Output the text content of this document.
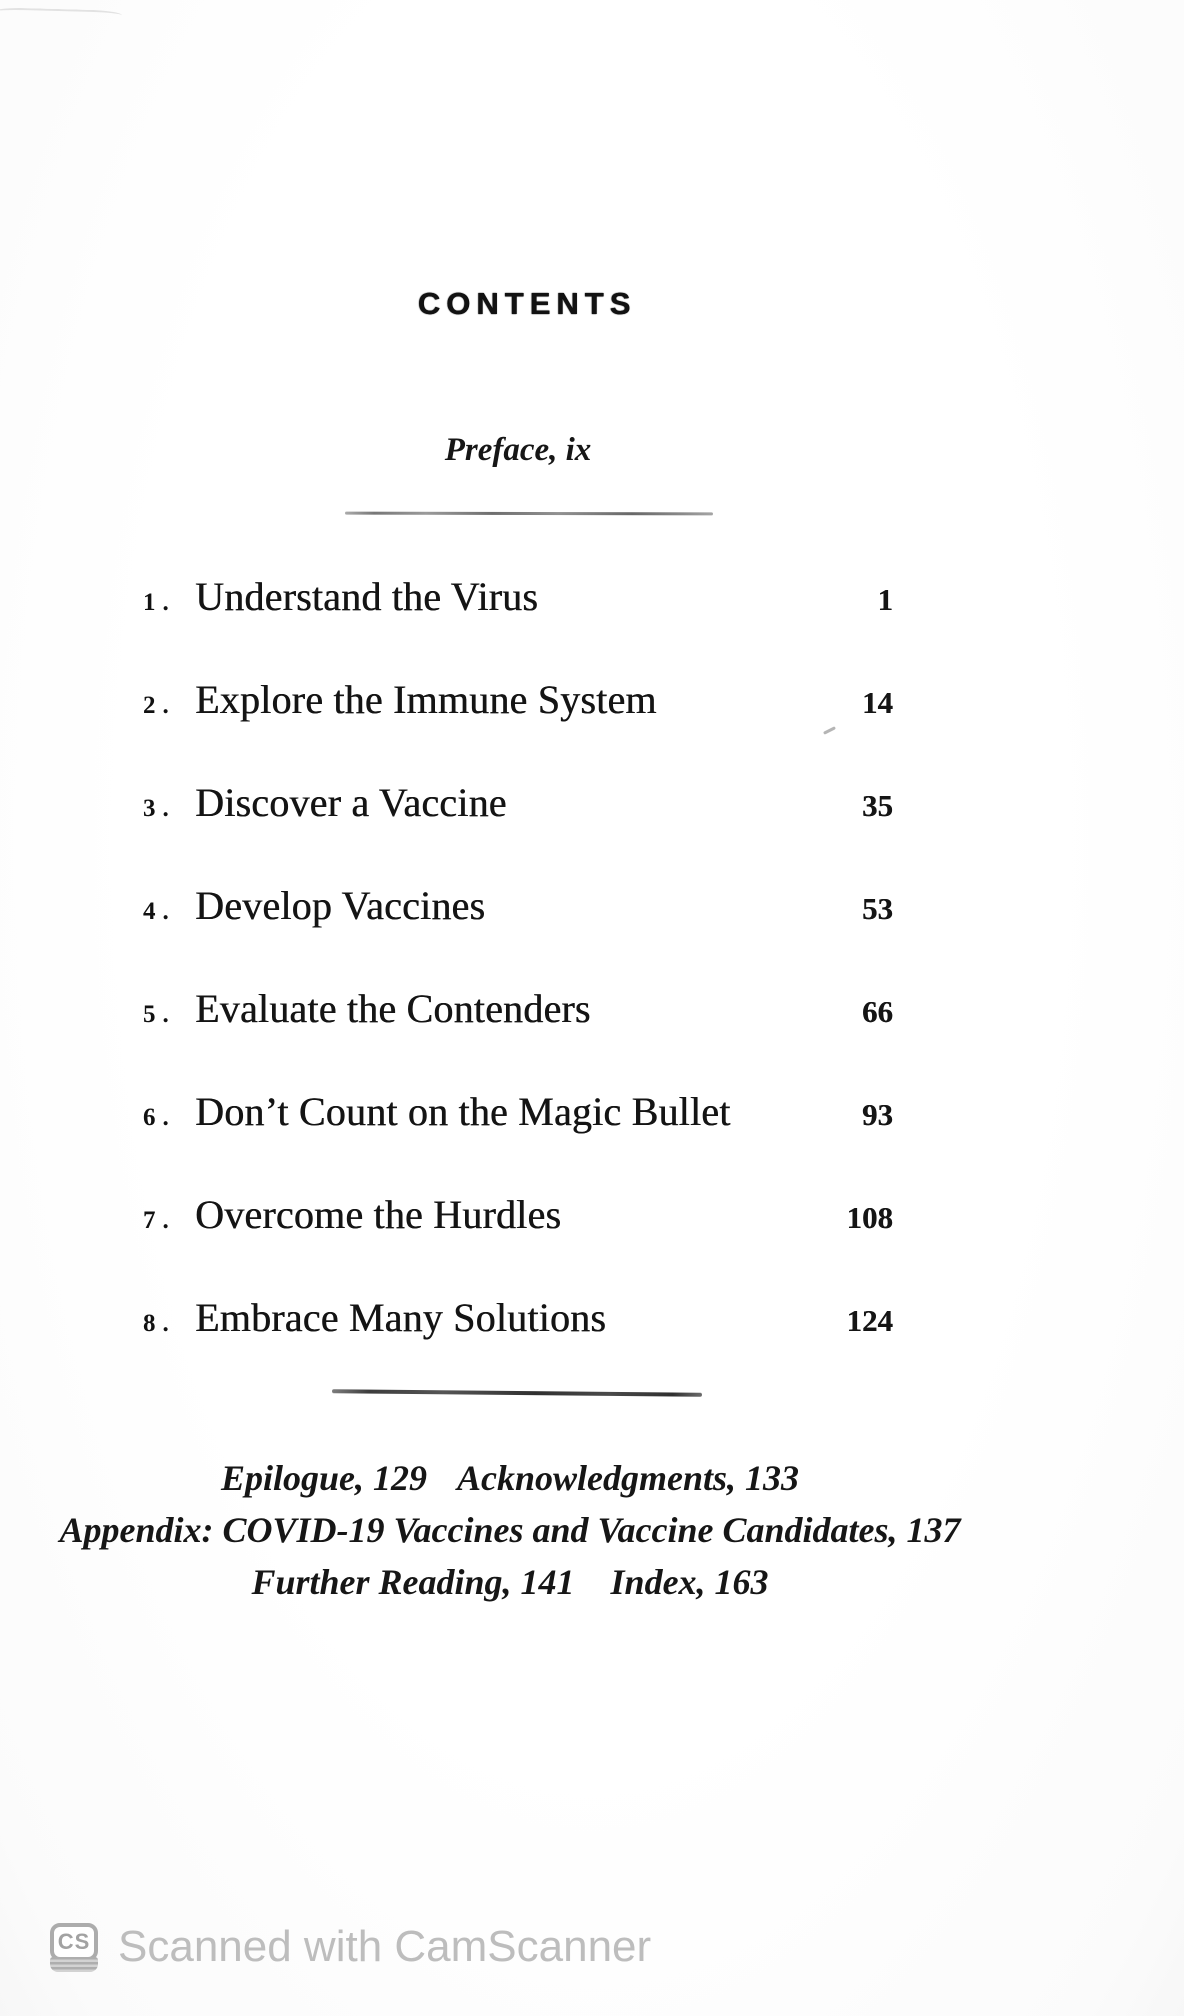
CONTENTS
Preface, ix
1. Understand the Virus	1
2. Explore the Immune System	14
3. Discover a Vaccine	35
4. Develop Vaccines	53
5. Evaluate the Contenders	66
6. Don’t Count on the Magic Bullet	93
7. Overcome the Hurdles	108
8. Embrace Many Solutions	124
Epilogue, 129 Acknowledgments, 133
Appendix: COVID-19 Vaccines and Vaccine Candidates, 137
Further Reading, 141 Index, 163
CS Scanned with CamScanner
